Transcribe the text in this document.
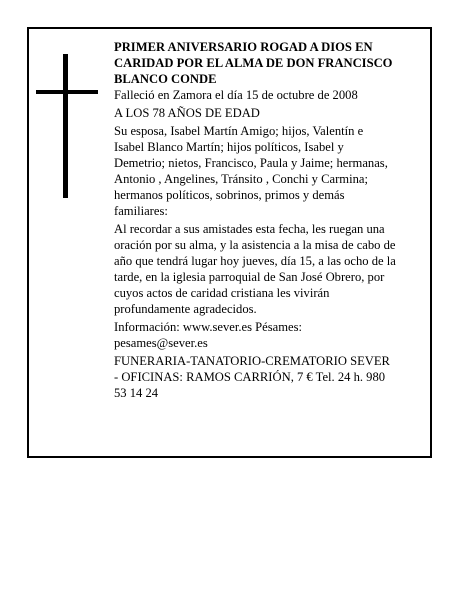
PRIMER ANIVERSARIO ROGAD A DIOS EN CARIDAD POR EL ALMA DE DON FRANCISCO BLANCO CONDE

Falleció en Zamora el día 15 de octubre de 2008

A LOS 78 AÑOS DE EDAD

Su esposa, Isabel Martín Amigo; hijos, Valentín e Isabel Blanco Martín; hijos políticos, Isabel y Demetrio; nietos, Francisco, Paula y Jaime; hermanas, Antonio , Angelines, Tránsito , Conchi y Carmina; hermanos políticos, sobrinos, primos y demás familiares:

Al recordar a sus amistades esta fecha, les ruegan una oración por su alma, y la asistencia a la misa de cabo de año que tendrá lugar hoy jueves, día 15, a las ocho de la tarde, en la iglesia parroquial de San José Obrero, por cuyos actos de caridad cristiana les vivirán profundamente agradecidos.

Información: www.sever.es Pésames: pesames@sever.es

FUNERARIA-TANATORIO-CREMATORIO SEVER - OFICINAS: RAMOS CARRIÓN, 7 € Tel. 24 h. 980 53 14 24
